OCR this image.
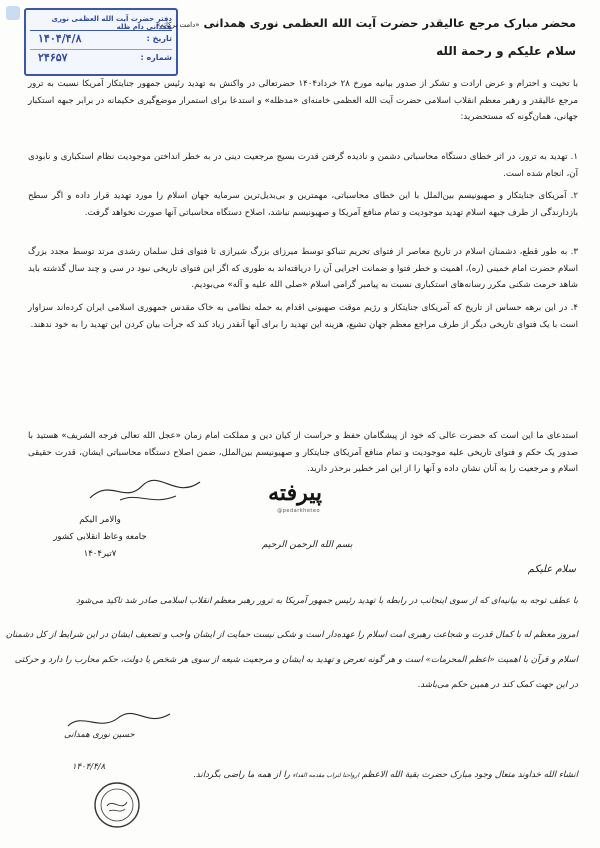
دفتر حضرت آیت الله العظمی نوری همدانی دام ظله
تاریخ :
۱۴۰۴/۴/۸
شماره :
۲۴۶۵۷
محضر مبارک مرجع عالیقدر حضرت آیت الله العظمی نوری همدانی«دامت برکاته»
سلام علیکم و رحمة الله
با تحیت و احترام و عرض ارادت و تشکر از صدور بیانیه مورخ ۲۸ خرداد۱۴۰۴ حضرتعالی در واکنش به تهدید رئیس جمهور جنایتکار آمریکا نسبت به ترور مرجع عالیقدر و رهبر معظم انقلاب اسلامی حضرت آیت الله العظمی خامنه‌ای «مدظله» و استدعا برای استمرار موضع‌گیری حکیمانه در برابر جبهه استکبار جهانی، همان‌گونه که مستحضرید:
۱. تهدید به ترور، در اثر خطای دستگاه محاسباتی دشمن و نادیده گرفتن قدرت بسیج مرجعیت دینی در به خطر انداختن موجودیت نظام استکباری و نابودی آن، انجام شده است.
۲. آمریکای جنایتکار و صهیونیسم بین‌الملل با این خطای محاسباتی، مهمترین و بی‌بدیل‌ترین سرمایه جهان اسلام را مورد تهدید قرار داده و اگر سطح بازدارندگی از طرف جبهه اسلام تهدید موجودیت و تمام منافع آمریکا و صهیونیسم نباشد، اصلاح دستگاه محاسباتی آنها صورت نخواهد گرفت.
۳. به طور قطع، دشمنان اسلام در تاریخ معاصر از فتوای تحریم تنباکو توسط میرزای بزرگ شیرازی تا فتوای قتل سلمان رشدی مرتد توسط مجدد بزرگ اسلام حضرت امام خمینی (ره)، اهمیت و خطر فتوا و ضمانت اجرایی آن را دریافته‌اند به طوری که اگر این فتوای تاریخی نبود در سی و چند سال گذشته باید شاهد حرمت شکنی مکرر رسانه‌های استکباری نسبت به پیامبر گرامی اسلام «صلی الله علیه و آله» می‌بودیم.
۴. در این برهه حساس از تاریخ که آمریکای جنایتکار و رژیم موقت صهیونی اقدام به حمله نظامی به خاک مقدس جمهوری اسلامی ایران کرده‌اند سزاوار است با یک فتوای تاریخی دیگر از طرف مراجع معظم جهان تشیع، هزینه این تهدید را برای آنها آنقدر زیاد کند که جرأت بیان کردن این تهدید را به خود ندهند.
استدعای ما این است که حضرت عالی که خود از پیشگامان حفظ و حراست از کیان دین و مملکت امام زمان «عجل الله تعالی فرجه الشریف» هستید با صدور یک حکم و فتوای تاریخی علیه موجودیت و تمام منافع آمریکای جنایتکار و صهیونیسم بین‌الملل، ضمن اصلاح دستگاه محاسباتی ایشان، قدرت حقیقی اسلام و مرجعیت را به آنان نشان داده و آنها را از این امر خطیر برحذر دارید.
پیرفته
@pedarkheteo
والامر الیکم
جامعه وعاظ انقلابی کشور
۷تیر۱۴۰۴
بسم الله الرحمن الرحیم
سلام علیکم
با عطف توجه به بیانیه‌ای که از سوی اینجانب در رابطه با تهدید رئیس جمهور آمریکا به ترور رهبر معظم انقلاب اسلامی صادر شد تاکید می‌شود
امروز معظم له با کمال قدرت و شجاعت رهبری امت اسلام را عهده‌دار است و شکی نیست حمایت از ایشان واجب و تضعیف ایشان در این شرایط از کل دشمنان
اسلام و قرآن با اهمیت «اعظم المحرمات» است و هر گونه تعرض و تهدید به ایشان و مرجعیت شیعه از سوی هر شخص یا دولت، حکم محارب را دارد و حرکتی
در این جهت کمک کند در همین حکم می‌باشد.
حسین نوری همدانی
۱۴۰۴/۴/۸
انشاء الله خداوند متعال وجود مبارک حضرت بقیة الله الاعظم ارواحنا لتراب مقدمه الفداء را از همه ما راضی بگرداند.
